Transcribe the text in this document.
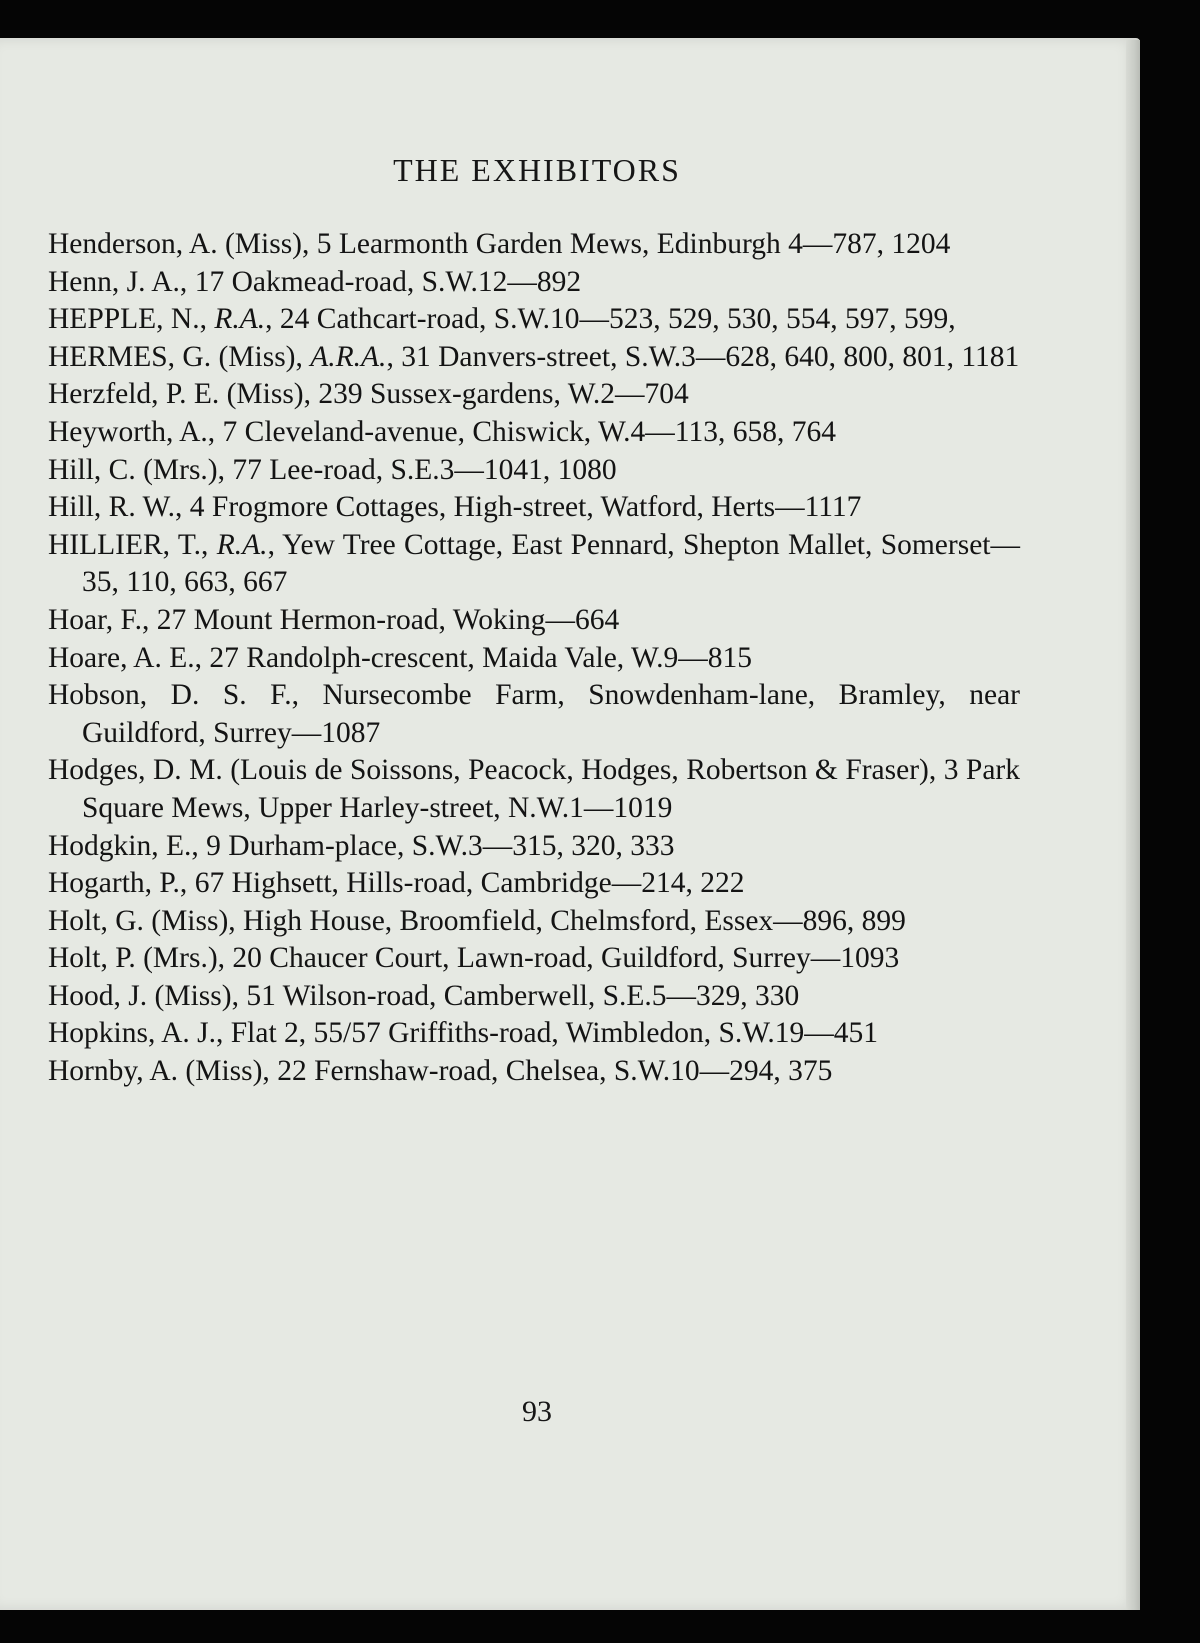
THE EXHIBITORS
Henderson, A. (Miss), 5 Learmonth Garden Mews, Edinburgh 4—787, 1204
Henn, J. A., 17 Oakmead-road, S.W.12—892
HEPPLE, N., R.A., 24 Cathcart-road, S.W.10—523, 529, 530, 554, 597, 599,
HERMES, G. (Miss), A.R.A., 31 Danvers-street, S.W.3—628, 640, 800, 801, 1181
Herzfeld, P. E. (Miss), 239 Sussex-gardens, W.2—704
Heyworth, A., 7 Cleveland-avenue, Chiswick, W.4—113, 658, 764
Hill, C. (Mrs.), 77 Lee-road, S.E.3—1041, 1080
Hill, R. W., 4 Frogmore Cottages, High-street, Watford, Herts—1117
HILLIER, T., R.A., Yew Tree Cottage, East Pennard, Shepton Mallet, Somerset—35, 110, 663, 667
Hoar, F., 27 Mount Hermon-road, Woking—664
Hoare, A. E., 27 Randolph-crescent, Maida Vale, W.9—815
Hobson, D. S. F., Nursecombe Farm, Snowdenham-lane, Bramley, near Guildford, Surrey—1087
Hodges, D. M. (Louis de Soissons, Peacock, Hodges, Robertson & Fraser), 3 Park Square Mews, Upper Harley-street, N.W.1—1019
Hodgkin, E., 9 Durham-place, S.W.3—315, 320, 333
Hogarth, P., 67 Highsett, Hills-road, Cambridge—214, 222
Holt, G. (Miss), High House, Broomfield, Chelmsford, Essex—896, 899
Holt, P. (Mrs.), 20 Chaucer Court, Lawn-road, Guildford, Surrey—1093
Hood, J. (Miss), 51 Wilson-road, Camberwell, S.E.5—329, 330
Hopkins, A. J., Flat 2, 55/57 Griffiths-road, Wimbledon, S.W.19—451
Hornby, A. (Miss), 22 Fernshaw-road, Chelsea, S.W.10—294, 375
93
